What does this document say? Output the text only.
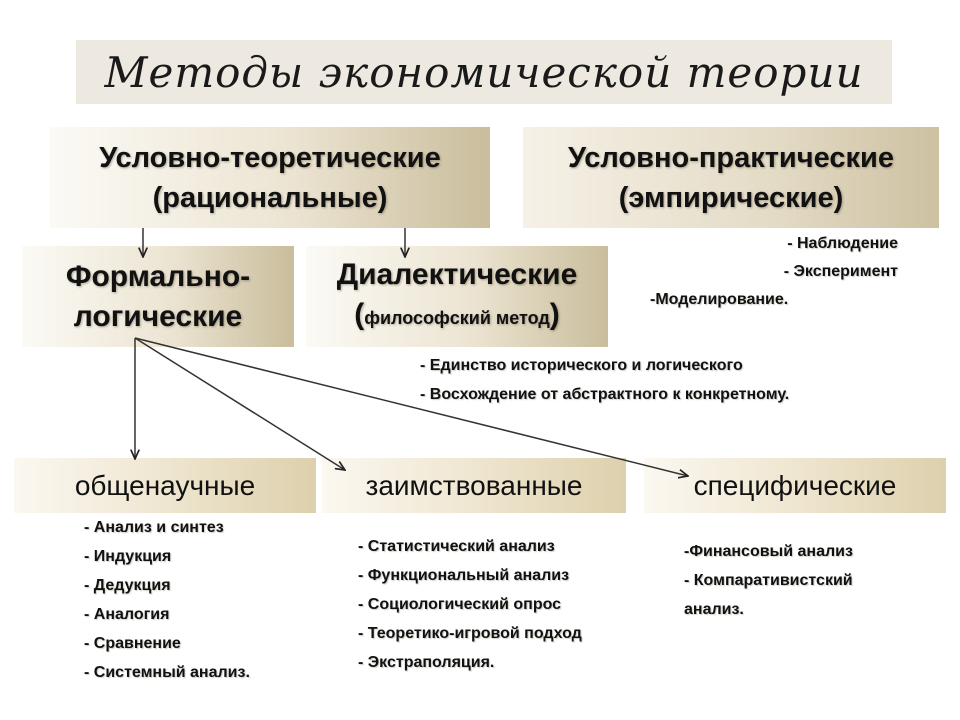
Методы экономической теории
Условно-теоретические
(рациональные)
Условно-практические
(эмпирические)
- Наблюдение
- Эксперимент
-Моделирование.
Формально-
логические
Диалектические
(философский метод)
- Единство исторического и логического
- Восхождение от абстрактного к конкретному.
общенаучные	заимствованные	специфические
- Анализ и синтез
- Индукция
- Дедукция
- Аналогия
- Сравнение
- Системный анализ.
- Статистический анализ
- Функциональный анализ
- Социологический опрос
- Теоретико-игровой подход
- Экстраполяция.
-Финансовый анализ
- Компаративистский
анализ.
